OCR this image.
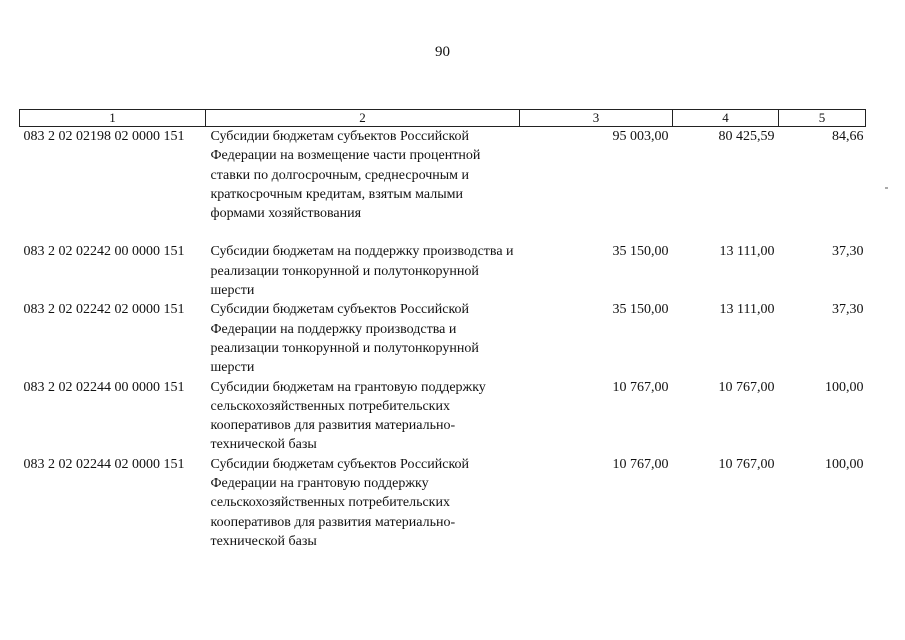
90
1	2	3	4	5
083 2 02 02198 02 0000 151	Субсидии бюджетам субъектов Российской Федерации на возмещение части процентной ставки по долгосрочным, среднесрочным и краткосрочным кредитам, взятым малыми формами хозяйствования	95 003,00	80 425,59	84,66
083 2 02 02242 00 0000 151	Субсидии бюджетам на поддержку производства и реализации тонкорунной и полутонкорунной шерсти	35 150,00	13 111,00	37,30
083 2 02 02242 02 0000 151	Субсидии бюджетам субъектов Российской Федерации на поддержку производства и реализации тонкорунной и полутонкорунной шерсти	35 150,00	13 111,00	37,30
083 2 02 02244 00 0000 151	Субсидии бюджетам на грантовую поддержку сельскохозяйственных потребительских кооперативов для развития материально-технической базы	10 767,00	10 767,00	100,00
083 2 02 02244 02 0000 151	Субсидии бюджетам субъектов Российской Федерации на грантовую поддержку сельскохозяйственных потребительских кооперативов для развития материально-технической базы	10 767,00	10 767,00	100,00
